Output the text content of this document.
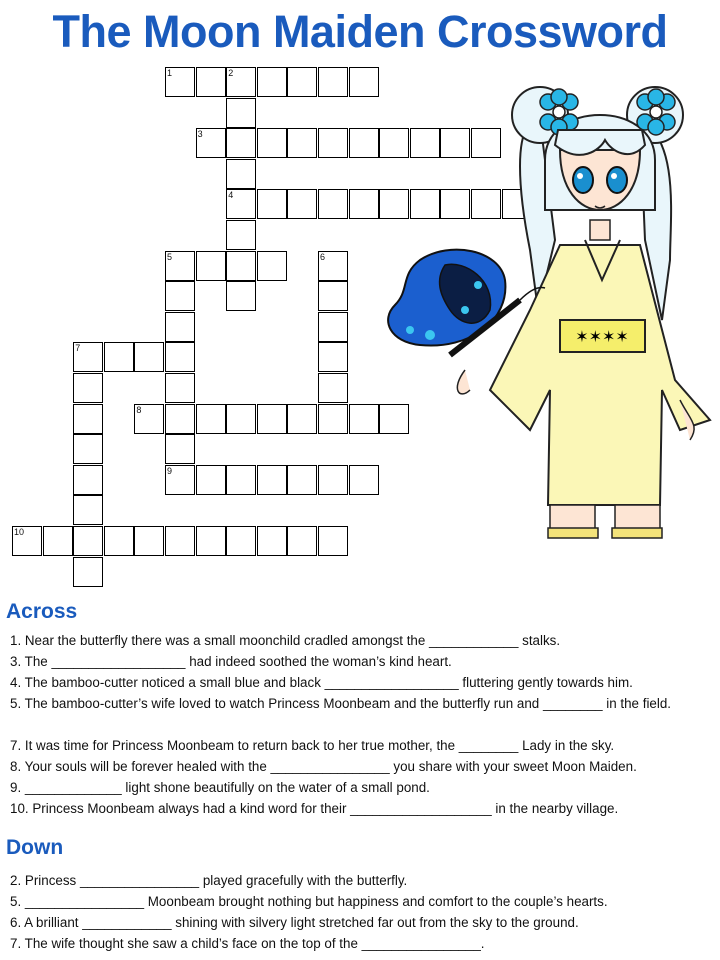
The Moon Maiden Crossword
1	2
3
4
5	6
7
8
9
10
✶✶✶✶
Across

1. Near the butterfly there was a small moonchild cradled amongst the ____________ stalks.

3. The __________________ had indeed soothed the woman’s kind heart.

4. The bamboo-cutter noticed a small blue and black __________________ fluttering gently towards him.

5. The bamboo-cutter’s wife loved to watch Princess Moonbeam and the butterfly run and ________ in the field.

7. It was time for Princess Moonbeam to return back to her true mother, the ________ Lady in the sky.

8. Your souls will be forever healed with the ________________ you share with your sweet Moon Maiden.

9. _____________ light shone beautifully on the water of a small pond.

10. Princess Moonbeam always had a kind word for their ___________________ in the nearby village.

Down

2. Princess ________________ played gracefully with the butterfly.

5. ________________ Moonbeam brought nothing but happiness and comfort to the couple’s hearts.

6. A brilliant ____________ shining with silvery light stretched far out from the sky to the ground.

7. The wife thought she saw a child’s face on the top of the ________________.
